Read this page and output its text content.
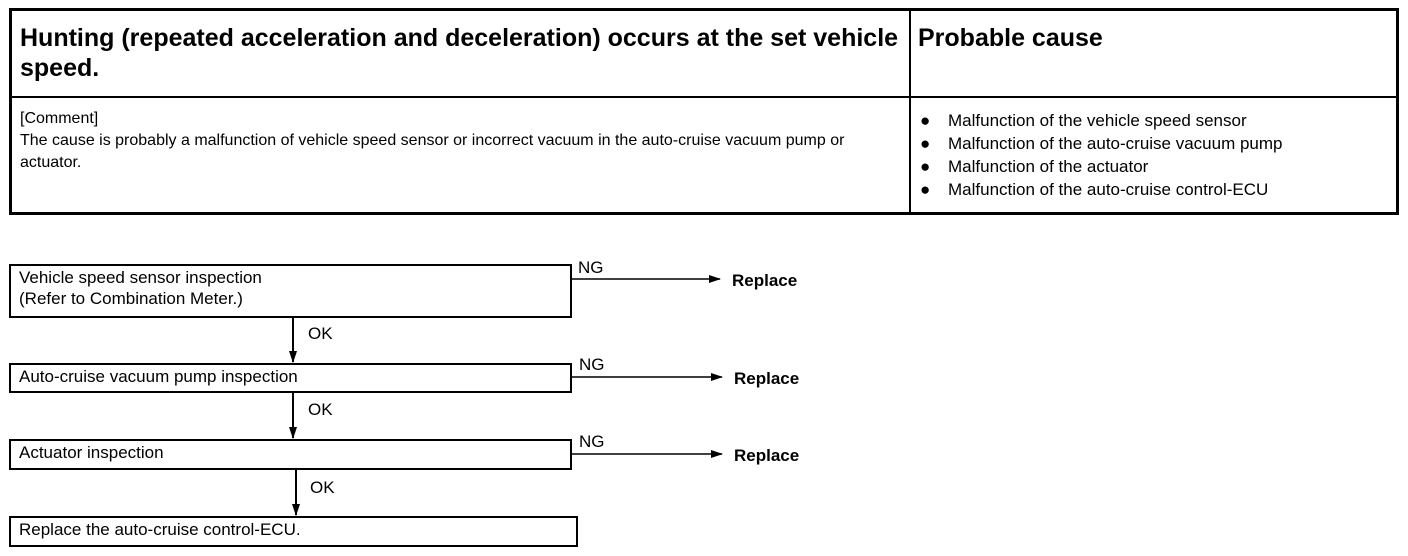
Hunting (repeated acceleration and deceleration) occurs at the set vehicle speed.
Probable cause
[Comment]
The cause is probably a malfunction of vehicle speed sensor or incorrect vacuum in the auto-cruise vacuum pump or actuator.
● Malfunction of the vehicle speed sensor
● Malfunction of the auto-cruise vacuum pump
● Malfunction of the actuator
● Malfunction of the auto-cruise control-ECU
Vehicle speed sensor inspection
(Refer to Combination Meter.)
NG
Replace
OK
Auto-cruise vacuum pump inspection
NG
Replace
OK
Actuator inspection
NG
Replace
OK
Replace the auto-cruise control-ECU.
